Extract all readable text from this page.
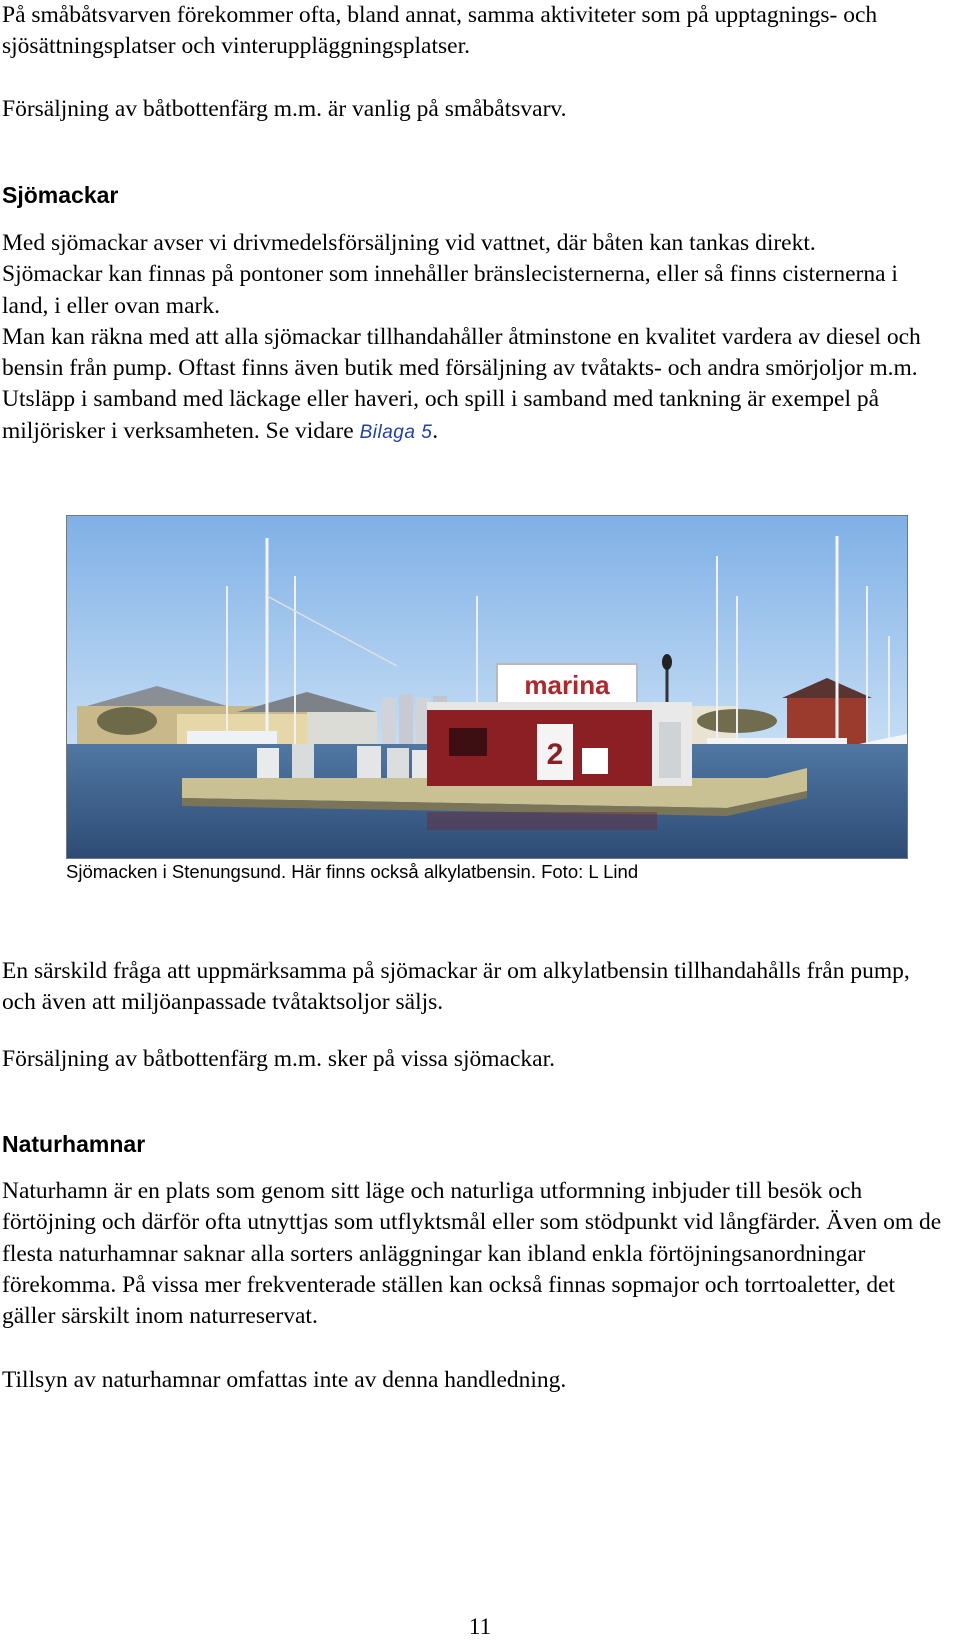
På småbåtsvarven förekommer ofta, bland annat, samma aktiviteter som på upptagnings- och sjösättningsplatser och vinteruppläggningsplatser.

Försäljning av båtbottenfärg m.m. är vanlig på småbåtsvarv.

Sjömackar

Med sjömackar avser vi drivmedelsförsäljning vid vattnet, där båten kan tankas direkt.

Sjömackar kan finnas på pontoner som innehåller bränslecisternerna, eller så finns cisternerna i land, i eller ovan mark.

Man kan räkna med att alla sjömackar tillhandahåller åtminstone en kvalitet vardera av diesel och bensin från pump. Oftast finns även butik med försäljning av tvåtakts- och andra smörjoljor m.m.

Utsläpp i samband med läckage eller haveri, och spill i samband med tankning är exempel på miljörisker i verksamheten. Se vidare Bilaga 5.

marina
2
Sjömacken i Stenungsund. Här finns också alkylatbensin. Foto: L Lind

En särskild fråga att uppmärksamma på sjömackar är om alkylatbensin tillhandahålls från pump, och även att miljöanpassade tvåtaktsoljor säljs.

Försäljning av båtbottenfärg m.m. sker på vissa sjömackar.

Naturhamnar

Naturhamn är en plats som genom sitt läge och naturliga utformning inbjuder till besök och förtöjning och därför ofta utnyttjas som utflyktsmål eller som stödpunkt vid långfärder. Även om de flesta naturhamnar saknar alla sorters anläggningar kan ibland enkla förtöjningsanordningar förekomma. På vissa mer frekventerade ställen kan också finnas sopmajor och torrtoaletter, det gäller särskilt inom naturreservat.

Tillsyn av naturhamnar omfattas inte av denna handledning.

11
